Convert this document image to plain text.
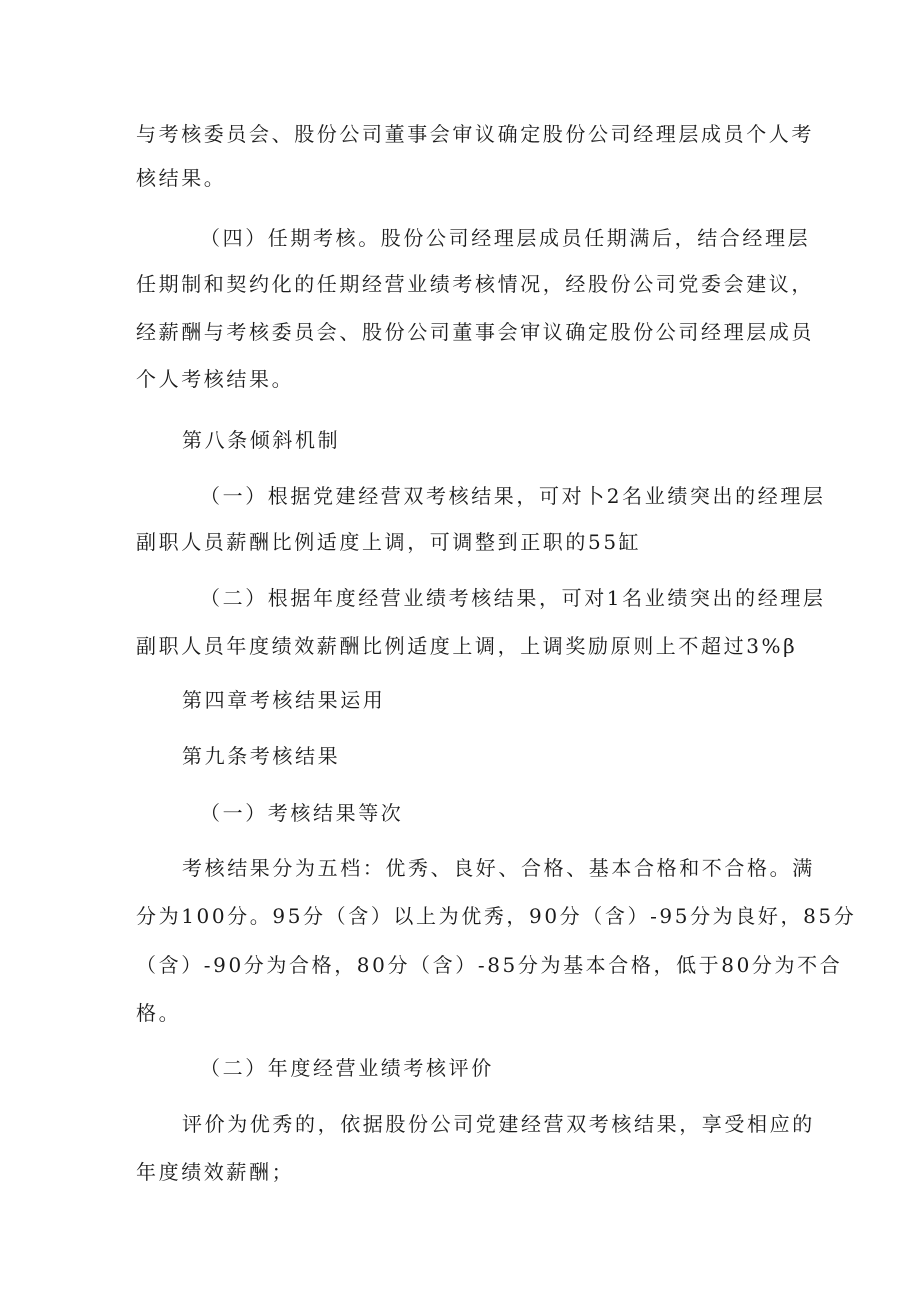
与考核委员会、股份公司董事会审议确定股份公司经理层成员个人考
核结果。
（四）任期考核。股份公司经理层成员任期满后，结合经理层
任期制和契约化的任期经营业绩考核情况，经股份公司党委会建议，
经薪酬与考核委员会、股份公司董事会审议确定股份公司经理层成员
个人考核结果。
第八条倾斜机制
（一）根据党建经营双考核结果，可对卜2名业绩突出的经理层
副职人员薪酬比例适度上调，可调整到正职的55缸
（二）根据年度经营业绩考核结果，可对1名业绩突出的经理层
副职人员年度绩效薪酬比例适度上调，上调奖励原则上不超过3%β
第四章考核结果运用
第九条考核结果
（一）考核结果等次
考核结果分为五档：优秀、良好、合格、基本合格和不合格。满
分为100分。95分（含）以上为优秀，90分（含）-95分为良好，85分
（含）-90分为合格，80分（含）-85分为基本合格，低于80分为不合
格。
（二）年度经营业绩考核评价
评价为优秀的，依据股份公司党建经营双考核结果，享受相应的
年度绩效薪酬；
